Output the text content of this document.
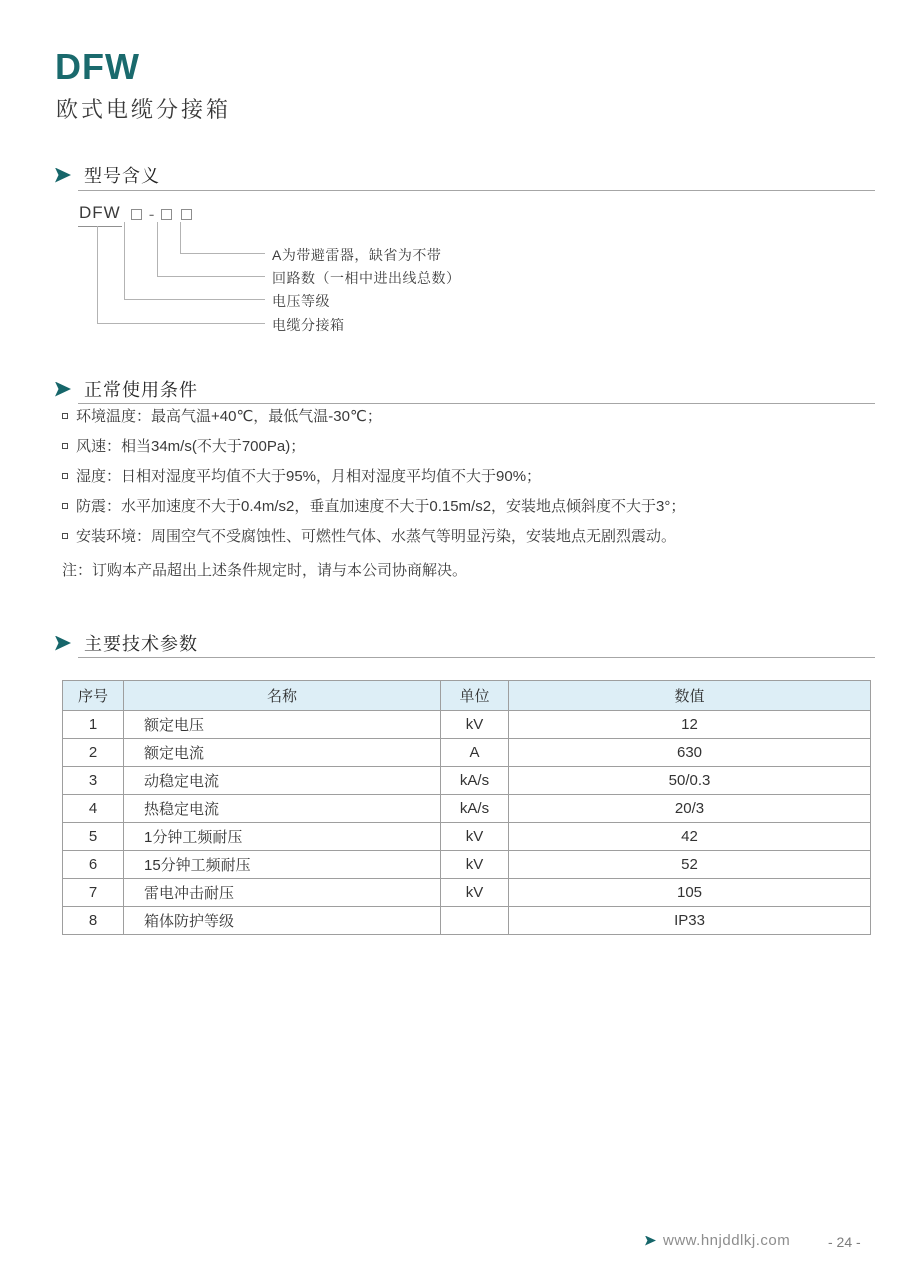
DFW
欧式电缆分接箱
型号含义
DFW -
A为带避雷器，缺省为不带
回路数（一相中进出线总数）
电压等级
电缆分接箱
正常使用条件
环境温度：最高气温+40℃，最低气温-30℃；
风速：相当34m/s(不大于700Pa)；
湿度：日相对湿度平均值不大于95%，月相对湿度平均值不大于90%；
防震：水平加速度不大于0.4m/s2，垂直加速度不大于0.15m/s2，安装地点倾斜度不大于3°；
安装环境：周围空气不受腐蚀性、可燃性气体、水蒸气等明显污染，安装地点无剧烈震动。
注：订购本产品超出上述条件规定时，请与本公司协商解决。
主要技术参数
序号	名称	单位	数值
1	额定电压	kV	12
2	额定电流	A	630
3	动稳定电流	kA/s	50/0.3
4	热稳定电流	kA/s	20/3
5	1分钟工频耐压	kV	42
6	15分钟工频耐压	kV	52
7	雷电冲击耐压	kV	105
8	箱体防护等级		IP33
www.hnjddlkj.com	- 24 -
